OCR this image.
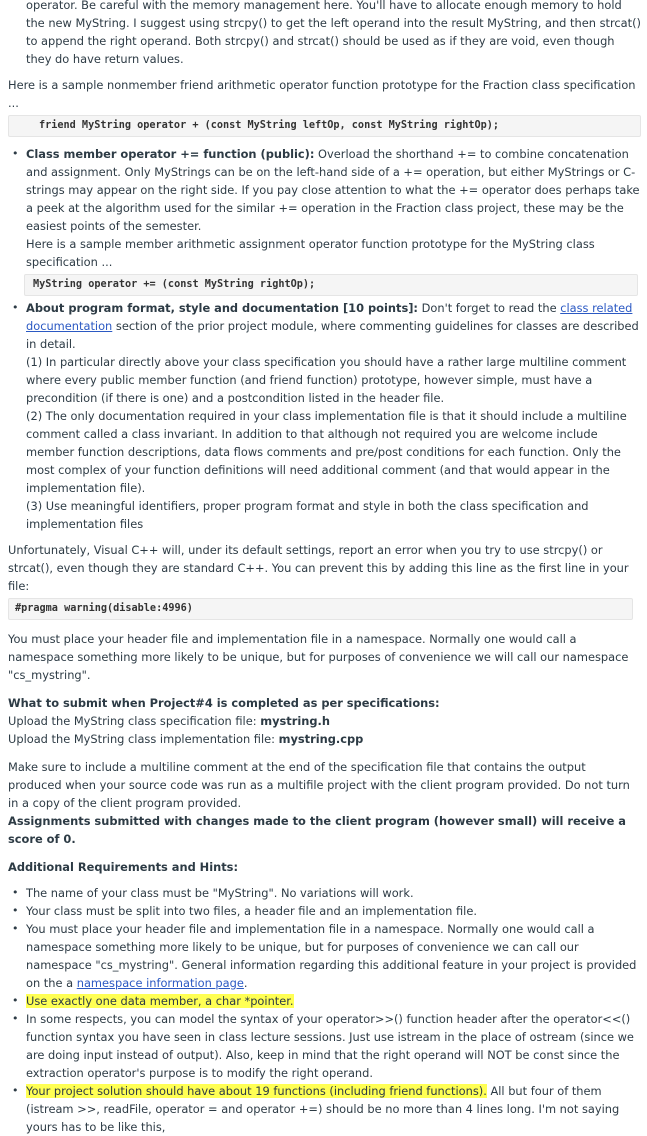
operator. Be careful with the memory management here. You'll have to allocate enough memory to hold the new MyString. I suggest using strcpy() to get the left operand into the result MyString, and then strcat() to append the right operand. Both strcpy() and strcat() should be used as if they are void, even though they do have return values.

Here is a sample nonmember friend arithmetic operator function prototype for the Fraction class specification ...

friend MyString operator + (const MyString leftOp, const MyString rightOp);
• Class member operator += function (public): Overload the shorthand += to combine concatenation and assignment. Only MyStrings can be on the left-hand side of a += operation, but either MyStrings or C-strings may appear on the right side. If you pay close attention to what the += operator does perhaps take a peek at the algorithm used for the similar += operation in the Fraction class project, these may be the easiest points of the semester.

Here is a sample member arithmetic assignment operator function prototype for the MyString class specification ...

MyString operator += (const MyString rightOp);
• About program format, style and documentation [10 points]: Don't forget to read the class related documentation section of the prior project module, where commenting guidelines for classes are described in detail.

(1) In particular directly above your class specification you should have a rather large multiline comment where every public member function (and friend function) prototype, however simple, must have a precondition (if there is one) and a postcondition listed in the header file.

(2) The only documentation required in your class implementation file is that it should include a multiline comment called a class invariant. In addition to that although not required you are welcome include member function descriptions, data flows comments and pre/post conditions for each function. Only the most complex of your function definitions will need additional comment (and that would appear in the implementation file).

(3) Use meaningful identifiers, proper program format and style in both the class specification and implementation files

Unfortunately, Visual C++ will, under its default settings, report an error when you try to use strcpy() or strcat(), even though they are standard C++. You can prevent this by adding this line as the first line in your file:

#pragma warning(disable:4996)

You must place your header file and implementation file in a namespace. Normally one would call a namespace something more likely to be unique, but for purposes of convenience we will call our namespace "cs_mystring".

What to submit when Project#4 is completed as per specifications:

Upload the MyString class specification file: mystring.h

Upload the MyString class implementation file: mystring.cpp

Make sure to include a multiline comment at the end of the specification file that contains the output produced when your source code was run as a multifile project with the client program provided. Do not turn in a copy of the client program provided.

Assignments submitted with changes made to the client program (however small) will receive a score of 0.

Additional Requirements and Hints:

• The name of your class must be "MyString". No variations will work.
• Your class must be split into two files, a header file and an implementation file.
• You must place your header file and implementation file in a namespace. Normally one would call a namespace something more likely to be unique, but for purposes of convenience we can call our namespace "cs_mystring". General information regarding this additional feature in your project is provided on the a namespace information page.
• Use exactly one data member, a char *pointer.
• In some respects, you can model the syntax of your operator>>() function header after the operator<<() function syntax you have seen in class lecture sessions. Just use istream in the place of ostream (since we are doing input instead of output). Also, keep in mind that the right operand will NOT be const since the extraction operator's purpose is to modify the right operand.
• Your project solution should have about 19 functions (including friend functions). All but four of them (istream >>, readFile, operator = and operator +=) should be no more than 4 lines long. I'm not saying yours has to be like this,
